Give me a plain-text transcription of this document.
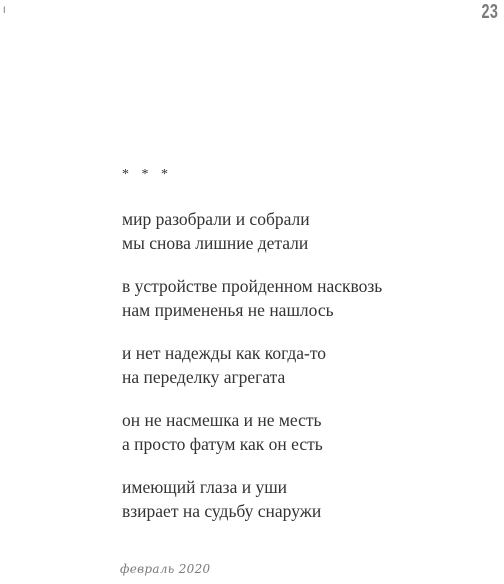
I	23
* * *
мир разобрали и собрали
мы снова лишние детали
в устройстве пройденном насквозь
нам примененья не нашлось
и нет надежды как когда-то
на переделку агрегата
он не насмешка и не месть
а просто фатум как он есть
имеющий глаза и уши
взирает на судьбу снаружи
февраль 2020
